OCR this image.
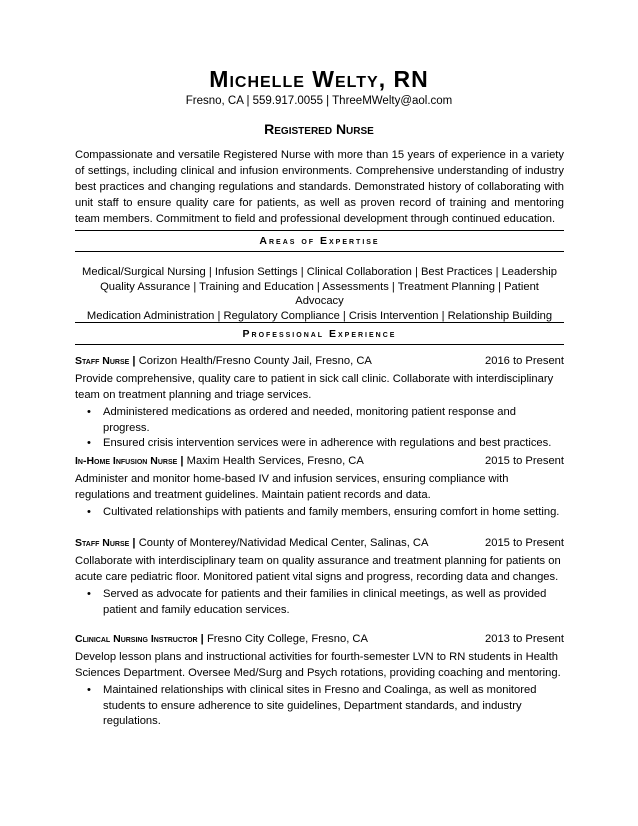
Michelle Welty, RN
Fresno, CA | 559.917.0055 | ThreeMWelty@aol.com
Registered Nurse
Compassionate and versatile Registered Nurse with more than 15 years of experience in a variety of settings, including clinical and infusion environments. Comprehensive understanding of industry best practices and changing regulations and standards. Demonstrated history of collaborating with unit staff to ensure quality care for patients, as well as proven record of training and mentoring team members. Commitment to field and professional development through continued education.
Areas of Expertise
Medical/Surgical Nursing | Infusion Settings | Clinical Collaboration | Best Practices | Leadership
Quality Assurance | Training and Education | Assessments | Treatment Planning | Patient Advocacy
Medication Administration | Regulatory Compliance | Crisis Intervention | Relationship Building
Professional Experience
Staff Nurse | Corizon Health/Fresno County Jail, Fresno, CA	2016 to Present
Provide comprehensive, quality care to patient in sick call clinic. Collaborate with interdisciplinary team on treatment planning and triage services.
• Administered medications as ordered and needed, monitoring patient response and progress.
• Ensured crisis intervention services were in adherence with regulations and best practices.
In-Home Infusion Nurse | Maxim Health Services, Fresno, CA	2015 to Present
Administer and monitor home-based IV and infusion services, ensuring compliance with regulations and treatment guidelines. Maintain patient records and data.
• Cultivated relationships with patients and family members, ensuring comfort in home setting.
Staff Nurse | County of Monterey/Natividad Medical Center, Salinas, CA	2015 to Present
Collaborate with interdisciplinary team on quality assurance and treatment planning for patients on acute care pediatric floor. Monitored patient vital signs and progress, recording data and changes.
• Served as advocate for patients and their families in clinical meetings, as well as provided patient and family education services.
Clinical Nursing Instructor | Fresno City College, Fresno, CA	2013 to Present
Develop lesson plans and instructional activities for fourth-semester LVN to RN students in Health Sciences Department. Oversee Med/Surg and Psych rotations, providing coaching and mentoring.
• Maintained relationships with clinical sites in Fresno and Coalinga, as well as monitored students to ensure adherence to site guidelines, Department standards, and industry regulations.
